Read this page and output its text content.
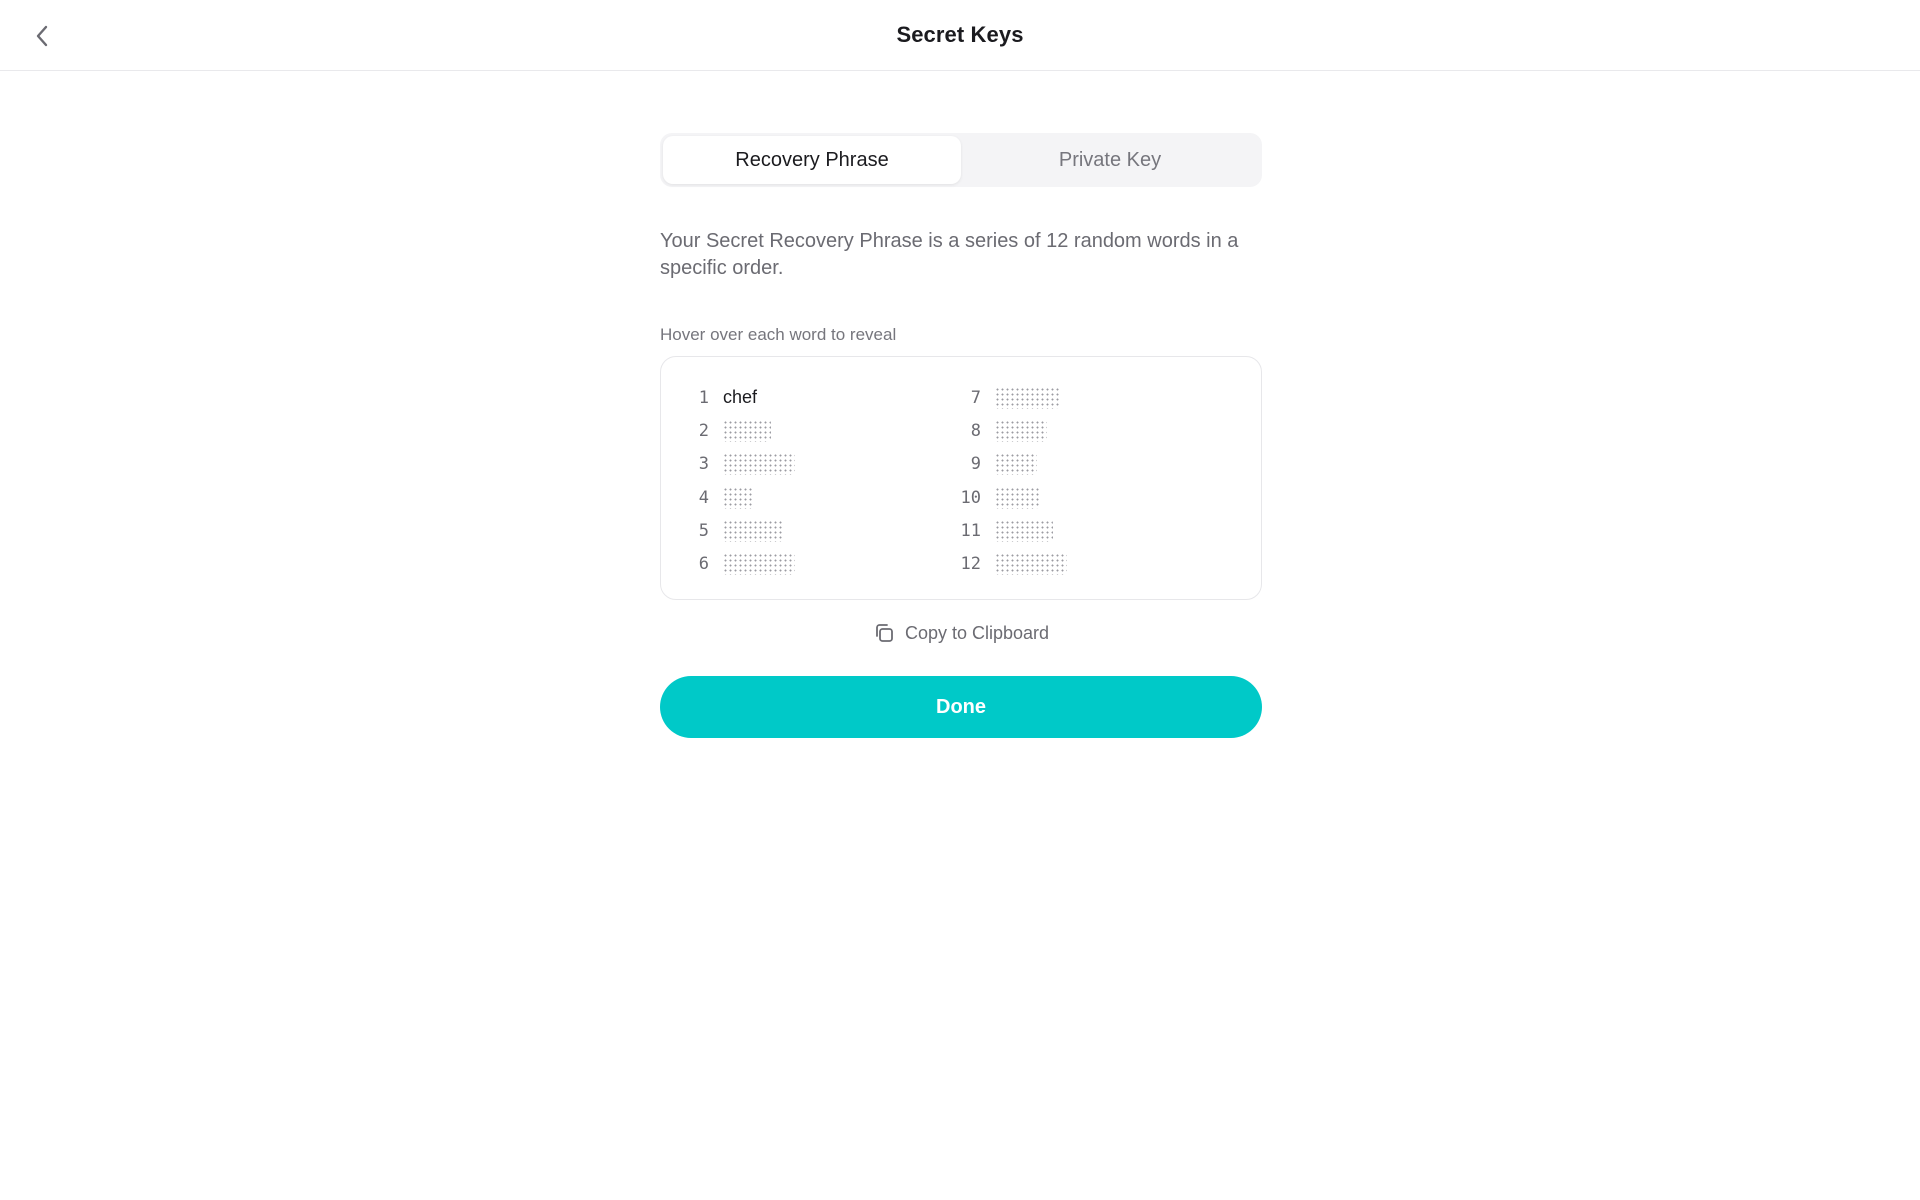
Secret Keys
Recovery Phrase	Private Key
Your Secret Recovery Phrase is a series of 12 random words in a specific order.
Hover over each word to reveal
1 chef
2
3
4
5
6
7
8
9
10
11
12
Copy to Clipboard
Done
